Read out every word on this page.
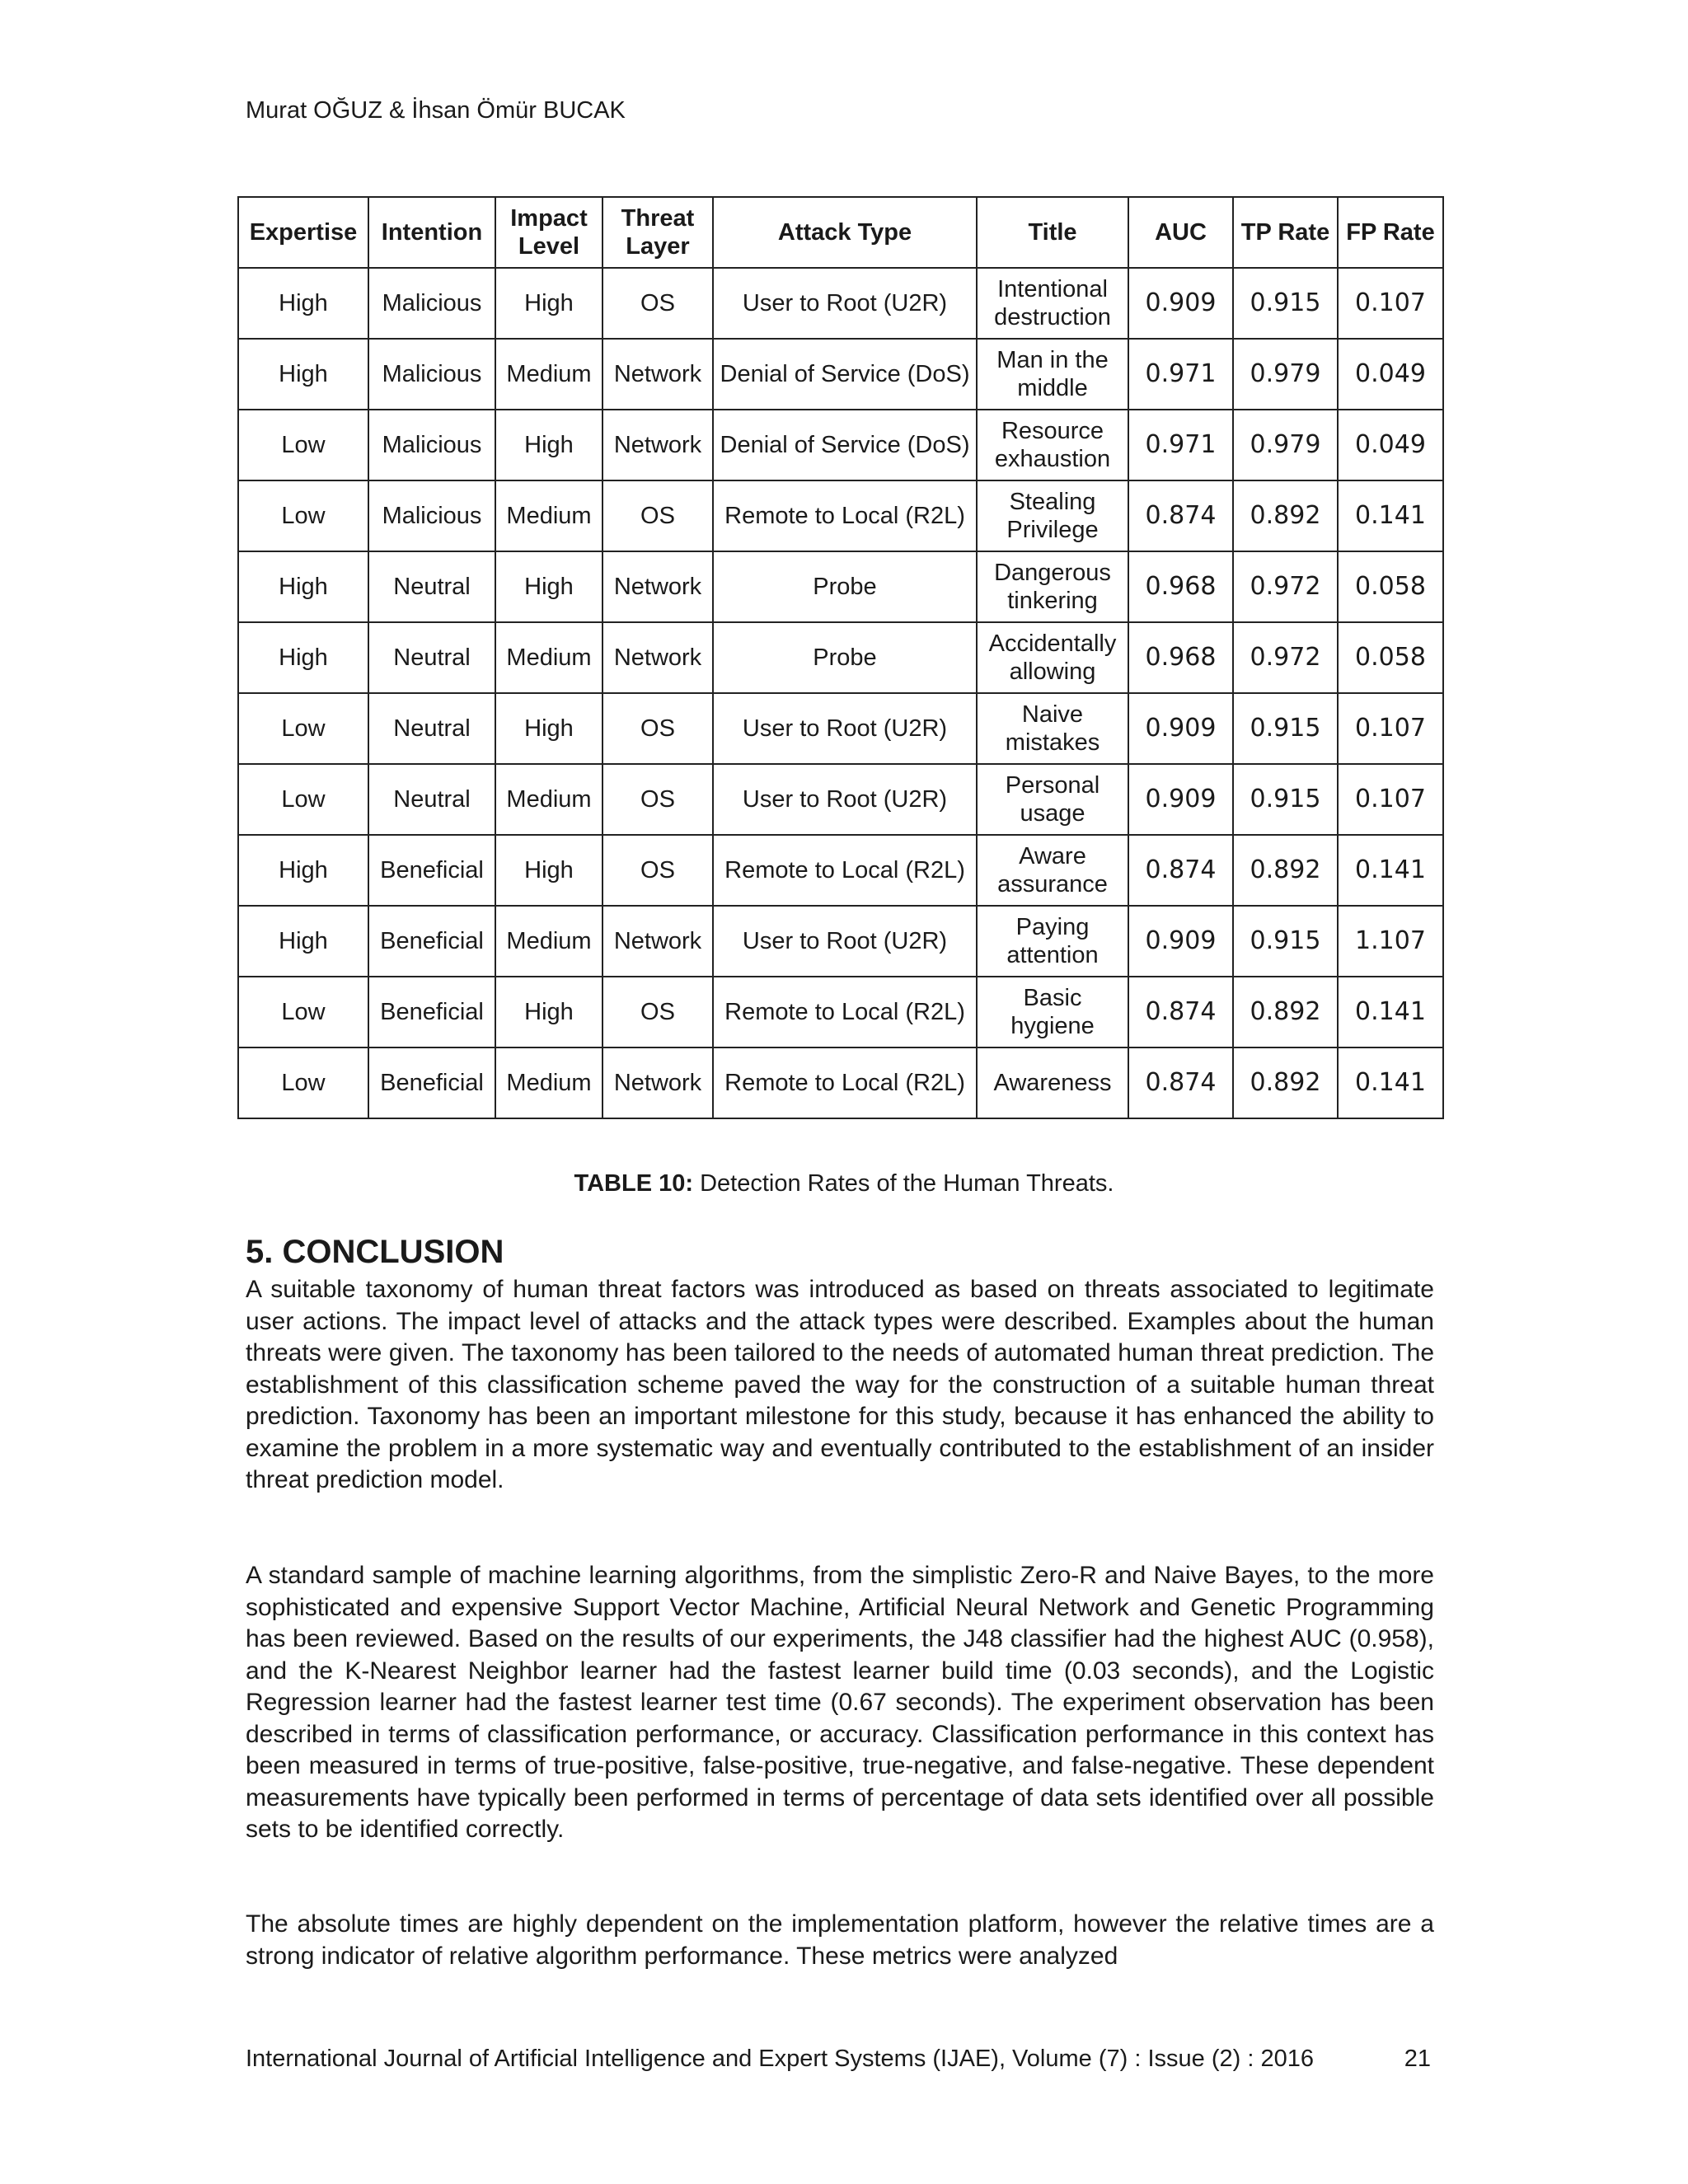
Murat OĞUZ & İhsan Ömür BUCAK
Expertise	Intention	Impact Level	Threat Layer	Attack Type	Title	AUC	TP Rate	FP Rate
High	Malicious	High	OS	User to Root (U2R)	Intentional destruction	0.909	0.915	0.107
High	Malicious	Medium	Network	Denial of Service (DoS)	Man in the middle	0.971	0.979	0.049
Low	Malicious	High	Network	Denial of Service (DoS)	Resource exhaustion	0.971	0.979	0.049
Low	Malicious	Medium	OS	Remote to Local (R2L)	Stealing Privilege	0.874	0.892	0.141
High	Neutral	High	Network	Probe	Dangerous tinkering	0.968	0.972	0.058
High	Neutral	Medium	Network	Probe	Accidentally allowing	0.968	0.972	0.058
Low	Neutral	High	OS	User to Root (U2R)	Naive mistakes	0.909	0.915	0.107
Low	Neutral	Medium	OS	User to Root (U2R)	Personal usage	0.909	0.915	0.107
High	Beneficial	High	OS	Remote to Local (R2L)	Aware assurance	0.874	0.892	0.141
High	Beneficial	Medium	Network	User to Root (U2R)	Paying attention	0.909	0.915	1.107
Low	Beneficial	High	OS	Remote to Local (R2L)	Basic hygiene	0.874	0.892	0.141
Low	Beneficial	Medium	Network	Remote to Local (R2L)	Awareness	0.874	0.892	0.141
TABLE 10: Detection Rates of the Human Threats.
5. CONCLUSION

A suitable taxonomy of human threat factors was introduced as based on threats associated to legitimate user actions. The impact level of attacks and the attack types were described. Examples about the human threats were given. The taxonomy has been tailored to the needs of automated human threat prediction. The establishment of this classification scheme paved the way for the construction of a suitable human threat prediction. Taxonomy has been an important milestone for this study, because it has enhanced the ability to examine the problem in a more systematic way and eventually contributed to the establishment of an insider threat prediction model.

A standard sample of machine learning algorithms, from the simplistic Zero-R and Naive Bayes, to the more sophisticated and expensive Support Vector Machine, Artificial Neural Network and Genetic Programming has been reviewed. Based on the results of our experiments, the J48 classifier had the highest AUC (0.958), and the K-Nearest Neighbor learner had the fastest learner build time (0.03 seconds), and the Logistic Regression learner had the fastest learner test time (0.67 seconds). The experiment observation has been described in terms of classification performance, or accuracy. Classification performance in this context has been measured in terms of true-positive, false-positive, true-negative, and false-negative. These dependent measurements have typically been performed in terms of percentage of data sets identified over all possible sets to be identified correctly.

The absolute times are highly dependent on the implementation platform, however the relative times are a strong indicator of relative algorithm performance. These metrics were analyzed

International Journal of Artificial Intelligence and Expert Systems (IJAE), Volume (7) : Issue (2) : 2016	21
